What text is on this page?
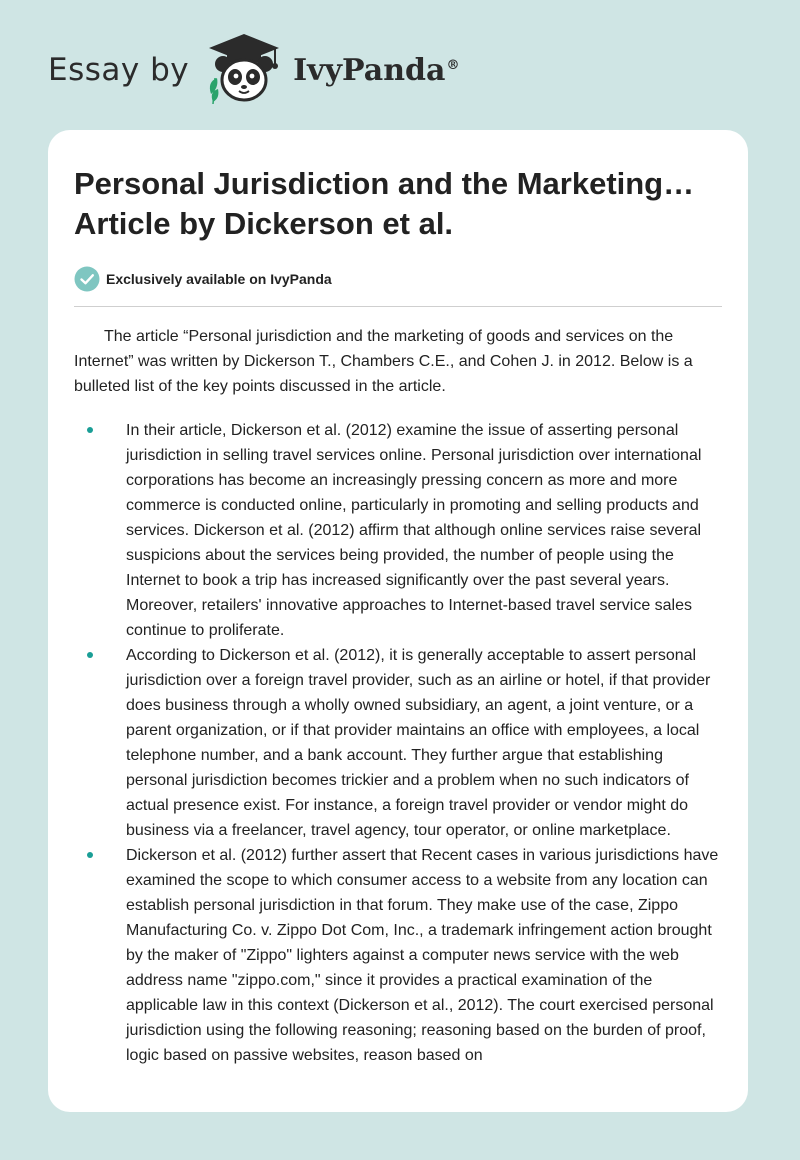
Essay by	IvyPanda®
Personal Jurisdiction and the Marketing… Article by Dickerson et al.
Exclusively available on IvyPanda

The article “Personal jurisdiction and the marketing of goods and services on the Internet” was written by Dickerson T., Chambers C.E., and Cohen J. in 2012. Below is a bulleted list of the key points discussed in the article.

In their article, Dickerson et al. (2012) examine the issue of asserting personal jurisdiction in selling travel services online. Personal jurisdiction over international corporations has become an increasingly pressing concern as more and more commerce is conducted online, particularly in promoting and selling products and services. Dickerson et al. (2012) affirm that although online services raise several suspicions about the services being provided, the number of people using the Internet to book a trip has increased significantly over the past several years. Moreover, retailers' innovative approaches to Internet-based travel service sales continue to proliferate.
According to Dickerson et al. (2012), it is generally acceptable to assert personal jurisdiction over a foreign travel provider, such as an airline or hotel, if that provider does business through a wholly owned subsidiary, an agent, a joint venture, or a parent organization, or if that provider maintains an office with employees, a local telephone number, and a bank account. They further argue that establishing personal jurisdiction becomes trickier and a problem when no such indicators of actual presence exist. For instance, a foreign travel provider or vendor might do business via a freelancer, travel agency, tour operator, or online marketplace.
Dickerson et al. (2012) further assert that Recent cases in various jurisdictions have examined the scope to which consumer access to a website from any location can establish personal jurisdiction in that forum. They make use of the case, Zippo Manufacturing Co. v. Zippo Dot Com, Inc., a trademark infringement action brought by the maker of "Zippo" lighters against a computer news service with the web address name "zippo.com," since it provides a practical examination of the applicable law in this context (Dickerson et al., 2012). The court exercised personal jurisdiction using the following reasoning; reasoning based on the burden of proof, logic based on passive websites, reason based on
